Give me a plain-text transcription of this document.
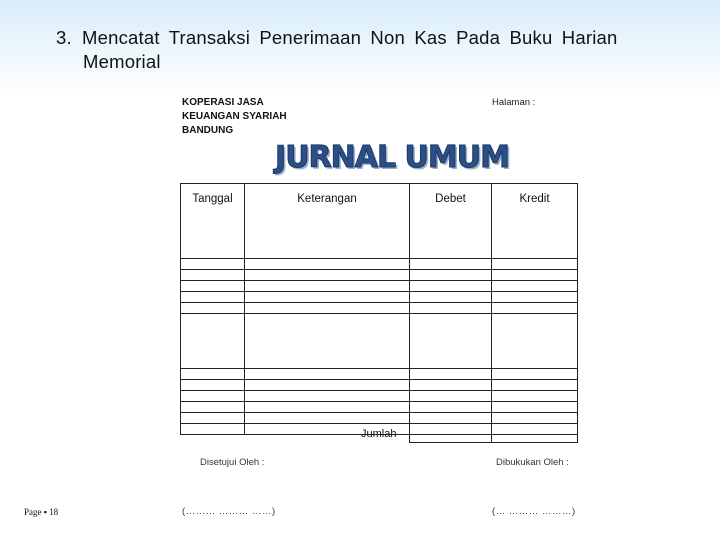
3. Mencatat Transaksi Penerimaan Non Kas Pada Buku Harian
Memorial
KOPERASI JASA
KEUANGAN SYARIAH
BANDUNG
Halaman :
JURNAL UMUM
Tanggal	Keterangan	Debet	Kredit

Jumlah
Disetujui Oleh :	Dibukukan Oleh :
(……… ……… ……)	(… ……… ………)
Page ▪ 18
